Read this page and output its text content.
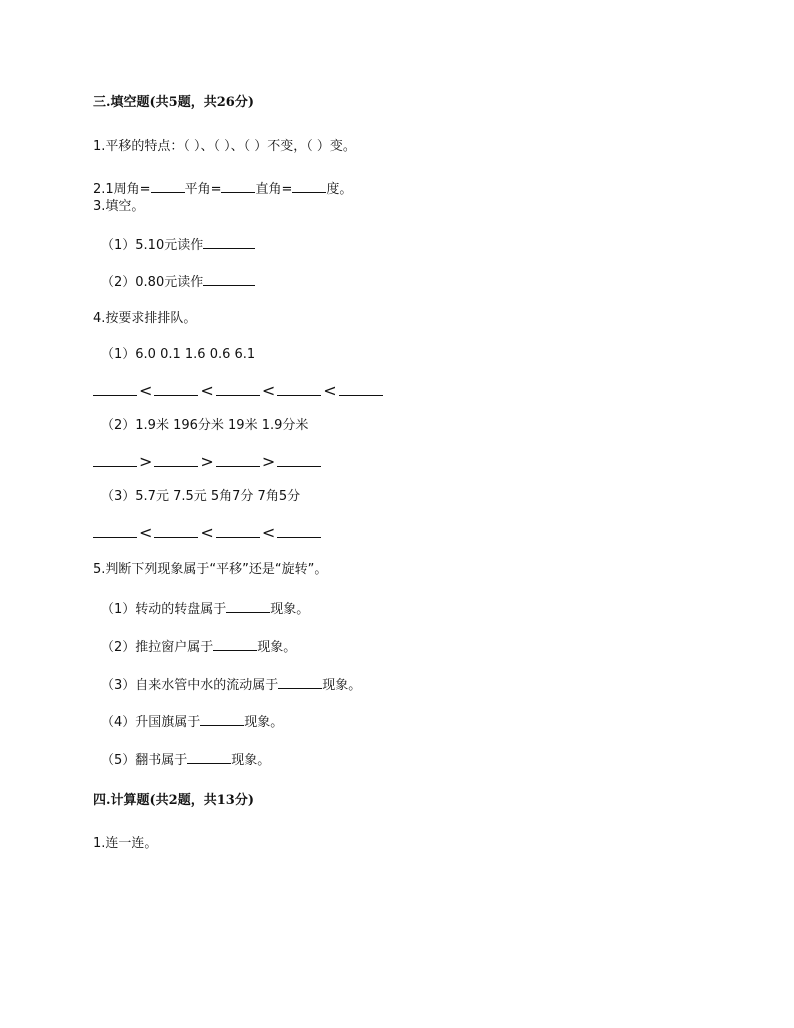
三.填空题(共5题，共26分)
1.平移的特点：（ ）、（ ）、（ ）不变，（ ）变。
2.1周角=	平角=	直角=	度。
3.填空。
（1）5.10元读作
（2）0.80元读作
4.按要求排排队。
（1）6.0 0.1 1.6 0.6 6.1
<	<	<	<
（2）1.9米 196分米 19米 1.9分米
>	>	>
（3）5.7元 7.5元 5角7分 7角5分
<	<	<
5.判断下列现象属于“平移”还是“旋转”。
（1）转动的转盘属于	现象。
（2）推拉窗户属于	现象。
（3）自来水管中水的流动属于	现象。
（4）升国旗属于	现象。
（5）翻书属于	现象。
四.计算题(共2题，共13分)
1.连一连。
